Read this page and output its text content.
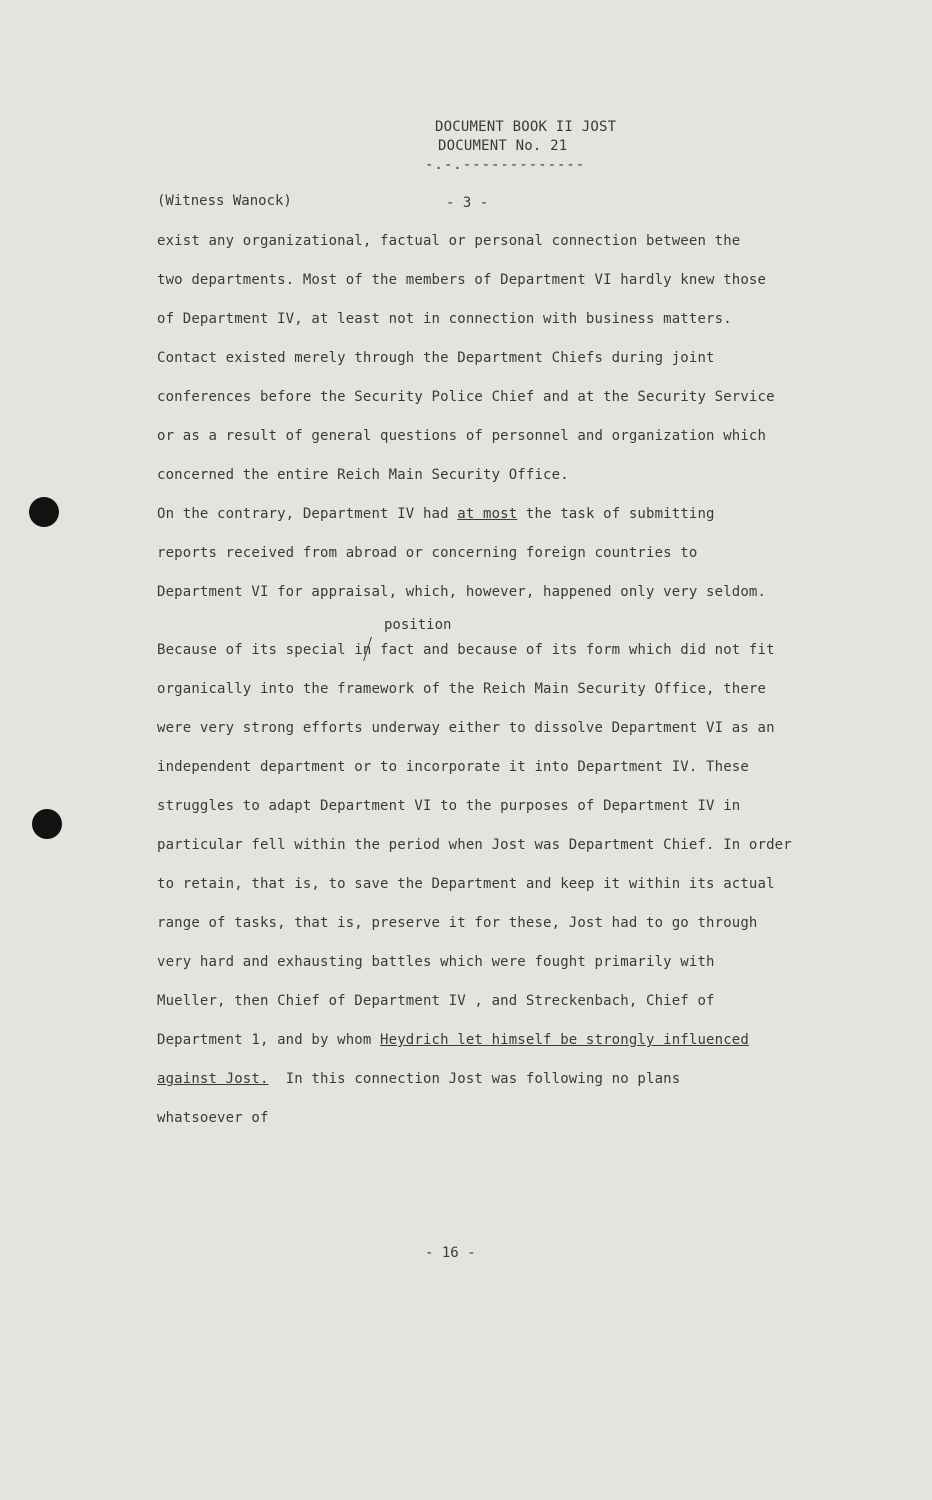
DOCUMENT BOOK II JOST
DOCUMENT No. 21
-.-.-------------
(Witness Wanock)	- 3 -
exist any organizational, factual or personal connection between the
two departments. Most of the members of Department VI hardly knew those
of Department IV, at least not in connection with business matters.
Contact existed merely through the Department Chiefs during joint
conferences before the Security Police Chief and at the Security Service
or as a result of general questions of personnel and organization which
concerned the entire Reich Main Security Office.
On the contrary, Department IV had at most the task of submitting
reports received from abroad or concerning foreign countries to
Department VI for appraisal, which, however, happened only very seldom.
position
Because of its special in fact and because of its form which did not fit
organically into the framework of the Reich Main Security Office, there
were very strong efforts underway either to dissolve Department VI as an
independent department or to incorporate it into Department IV. These
struggles to adapt Department VI to the purposes of Department IV in
particular fell within the period when Jost was Department Chief. In order
to retain, that is, to save the Department and keep it within its actual
range of tasks, that is, preserve it for these, Jost had to go through
very hard and exhausting battles which were fought primarily with
Mueller, then Chief of Department IV , and Streckenbach, Chief of
Department 1, and by whom Heydrich let himself be strongly influenced
against Jost.  In this connection Jost was following no plans
whatsoever of
- 16 -
